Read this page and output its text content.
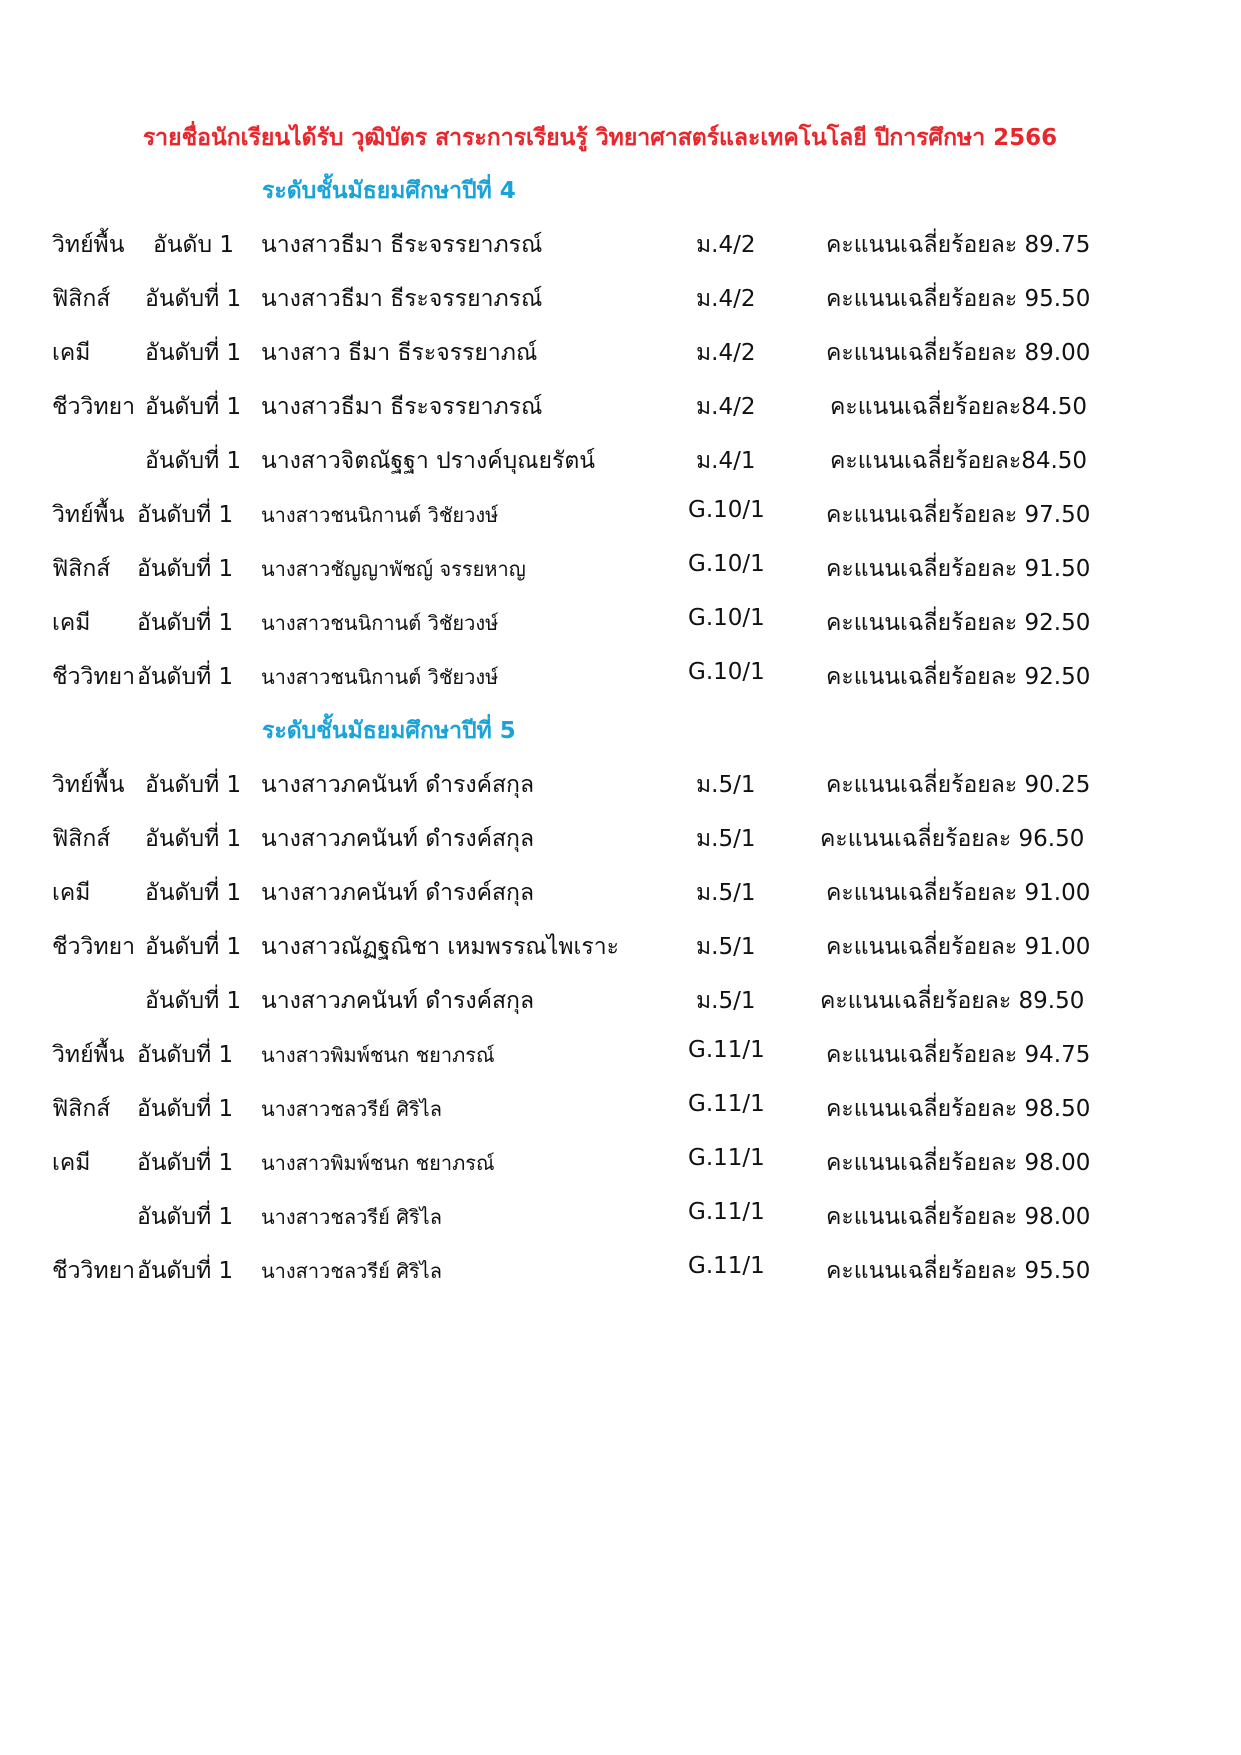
รายชื่อนักเรียนได้รับ วุฒิบัตร สาระการเรียนรู้ วิทยาศาสตร์และเทคโนโลยี ปีการศึกษา 2566
ระดับชั้นมัธยมศึกษาปีที่ 4
วิทย์พื้น อันดับ 1 นางสาวธีมา ธีระจรรยาภรณ์	ม.4/2	คะแนนเฉลี่ยร้อยละ 89.75
ฟิสิกส์ อันดับที่ 1 นางสาวธีมา ธีระจรรยาภรณ์	ม.4/2	คะแนนเฉลี่ยร้อยละ 95.50
เคมี อันดับที่ 1 นางสาว ธีมา ธีระจรรยาภณ์	ม.4/2	คะแนนเฉลี่ยร้อยละ 89.00
ชีววิทยา อันดับที่ 1 นางสาวธีมา ธีระจรรยาภรณ์	ม.4/2	คะแนนเฉลี่ยร้อยละ84.50
อันดับที่ 1 นางสาวจิตณัฐฐา ปรางค์บุณยรัตน์	ม.4/1	คะแนนเฉลี่ยร้อยละ84.50
วิทย์พื้น อันดับที่ 1 นางสาวชนนิกานต์ วิชัยวงษ์	G.10/1	คะแนนเฉลี่ยร้อยละ 97.50
ฟิสิกส์ อันดับที่ 1 นางสาวชัญญาพัชญ์ จรรยหาญ	G.10/1	คะแนนเฉลี่ยร้อยละ 91.50
เคมี อันดับที่ 1 นางสาวชนนิกานต์ วิชัยวงษ์	G.10/1	คะแนนเฉลี่ยร้อยละ 92.50
ชีววิทยา อันดับที่ 1 นางสาวชนนิกานต์ วิชัยวงษ์	G.10/1	คะแนนเฉลี่ยร้อยละ 92.50
ระดับชั้นมัธยมศึกษาปีที่ 5
วิทย์พื้น อันดับที่ 1 นางสาวภคนันท์ ดำรงค์สกุล	ม.5/1	คะแนนเฉลี่ยร้อยละ 90.25
ฟิสิกส์ อันดับที่ 1 นางสาวภคนันท์ ดำรงค์สกุล	ม.5/1	คะแนนเฉลี่ยร้อยละ 96.50
เคมี อันดับที่ 1 นางสาวภคนันท์ ดำรงค์สกุล	ม.5/1	คะแนนเฉลี่ยร้อยละ 91.00
ชีววิทยา อันดับที่ 1 นางสาวณัฏฐณิชา เหมพรรณไพเราะ	ม.5/1	คะแนนเฉลี่ยร้อยละ 91.00
อันดับที่ 1 นางสาวภคนันท์ ดำรงค์สกุล	ม.5/1	คะแนนเฉลี่ยร้อยละ 89.50
วิทย์พื้น อันดับที่ 1 นางสาวพิมพ์ชนก ชยาภรณ์	G.11/1	คะแนนเฉลี่ยร้อยละ 94.75
ฟิสิกส์ อันดับที่ 1 นางสาวชลวรีย์ ศิริไล	G.11/1	คะแนนเฉลี่ยร้อยละ 98.50
เคมี อันดับที่ 1 นางสาวพิมพ์ชนก ชยาภรณ์	G.11/1	คะแนนเฉลี่ยร้อยละ 98.00
อันดับที่ 1 นางสาวชลวรีย์ ศิริไล	G.11/1	คะแนนเฉลี่ยร้อยละ 98.00
ชีววิทยา อันดับที่ 1 นางสาวชลวรีย์ ศิริไล	G.11/1	คะแนนเฉลี่ยร้อยละ 95.50
